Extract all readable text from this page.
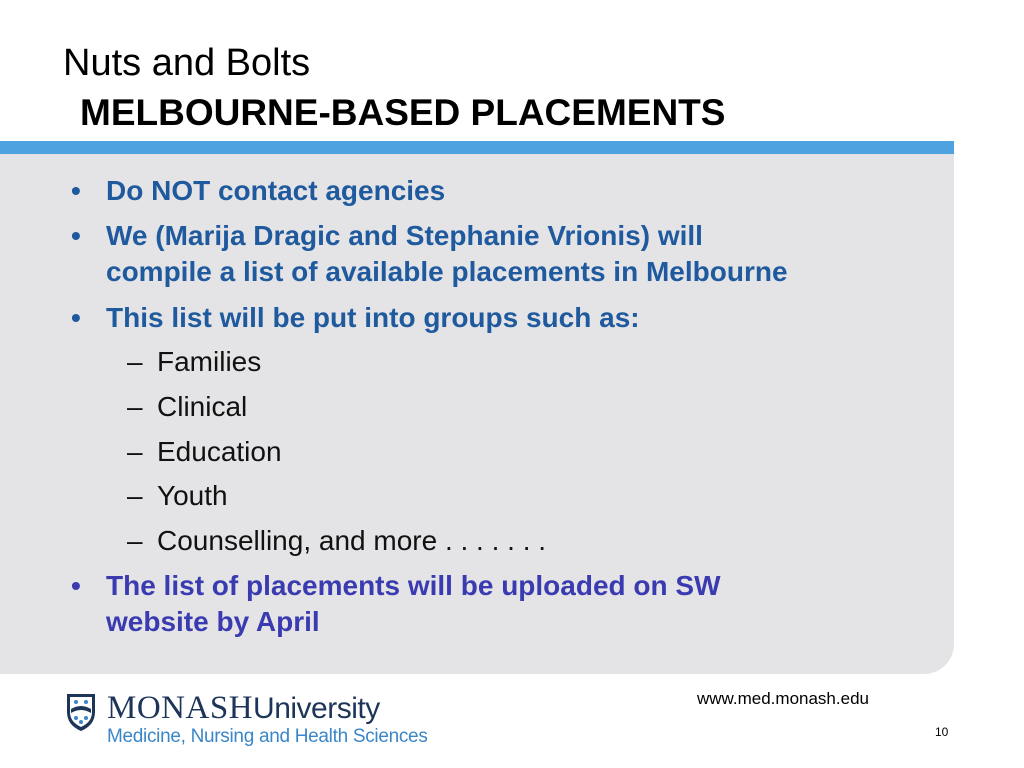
Nuts and Bolts
MELBOURNE-BASED PLACEMENTS
• Do NOT contact agencies
• We (Marija Dragic and Stephanie Vrionis) will
compile a list of available placements in Melbourne
• This list will be put into groups such as:
– Families
– Clinical
– Education
– Youth
– Counselling, and more . . . . . . .
• The list of placements will be uploaded on SW
website by April
MONASHUniversity
Medicine, Nursing and Health Sciences
www.med.monash.edu
10
